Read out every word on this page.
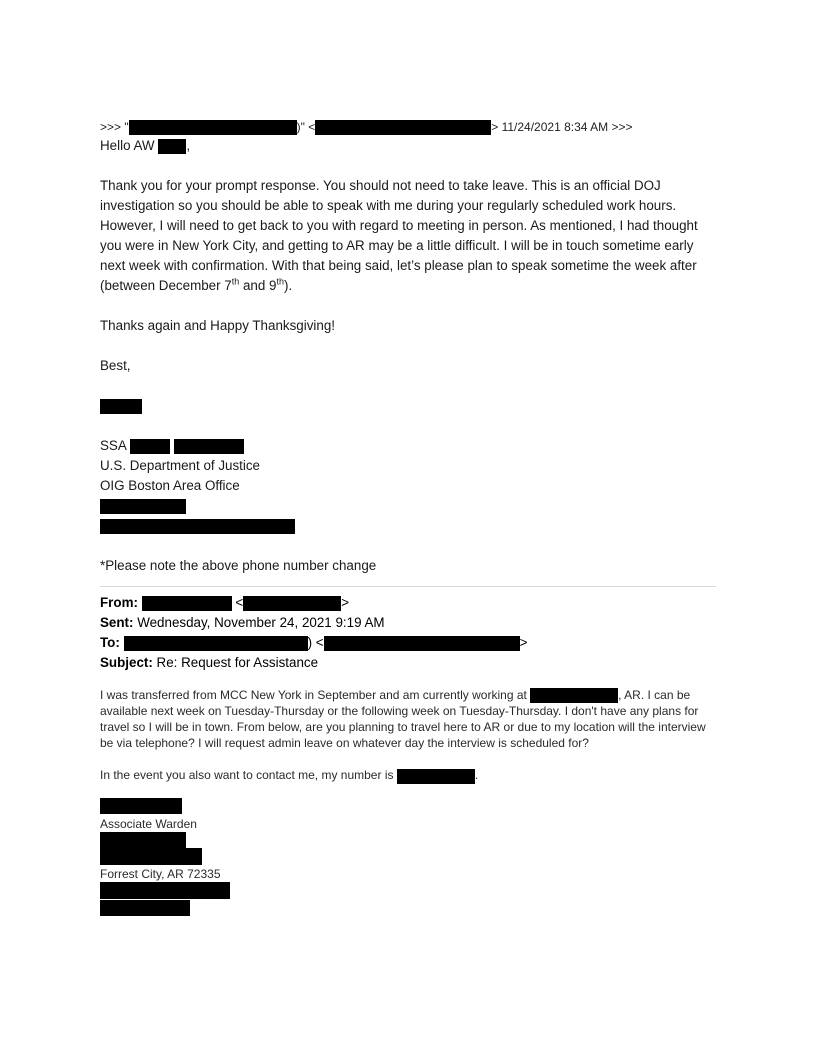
>>> "	)" <	> 11/24/2021 8:34 AM >>>

Hello AW ,

Thank you for your prompt response. You should not need to take leave. This is an official DOJ investigation so you should be able to speak with me during your regularly scheduled work hours. However, I will need to get back to you with regard to meeting in person. As mentioned, I had thought you were in New York City, and getting to AR may be a little difficult. I will be in touch sometime early next week with confirmation. With that being said, let’s please plan to speak sometime the week after (between December 7th and 9th).

Thanks again and Happy Thanksgiving!

Best,

SSA

U.S. Department of Justice

OIG Boston Area Office

*Please note the above phone number change

From:	<	>
Sent: Wednesday, November 24, 2021 9:19 AM
To:	) <	>
Subject: Re: Request for Assistance

I was transferred from MCC New York in September and am currently working at	, AR. I can be available next week on Tuesday-Thursday or the following week on Tuesday-Thursday. I don't have any plans for travel so I will be in town. From below, are you planning to travel here to AR or due to my location will the interview be via telephone? I will request admin leave on whatever day the interview is scheduled for?

In the event you also want to contact me, my number is	.

Associate Warden

Forrest City, AR 72335
